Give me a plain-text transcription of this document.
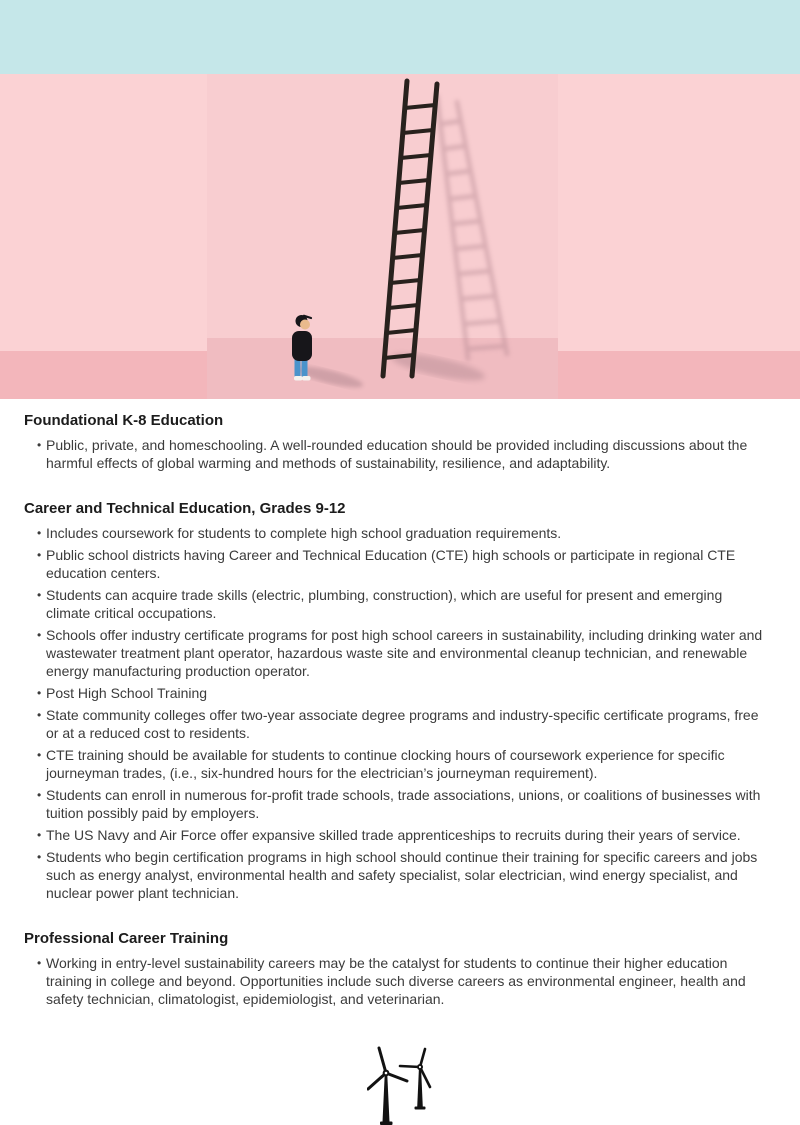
Foundational K-8 Education
• Public, private, and homeschooling. A well-rounded education should be provided including discussions about the harmful effects of global warming and methods of sustainability, resilience, and adaptability.
Career and Technical Education, Grades 9-12
• Includes coursework for students to complete high school graduation requirements.
• Public school districts having Career and Technical Education (CTE) high schools or participate in regional CTE education centers.
• Students can acquire trade skills (electric, plumbing, construction), which are useful for present and emerging climate critical occupations.
• Schools offer industry certificate programs for post high school careers in sustainability, including drinking water and wastewater treatment plant operator, hazardous waste site and environmental cleanup technician, and renewable energy manufacturing production operator.
• Post High School Training
• State community colleges offer two-year associate degree programs and industry-specific certificate programs, free or at a reduced cost to residents.
• CTE training should be available for students to continue clocking hours of coursework experience for specific journeyman trades, (i.e., six-hundred hours for the electrician’s journeyman requirement).
• Students can enroll in numerous for-profit trade schools, trade associations, unions, or coalitions of businesses with tuition possibly paid by employers.
• The US Navy and Air Force offer expansive skilled trade apprenticeships to recruits during their years of service.
• Students who begin certification programs in high school should continue their training for specific careers and jobs such as energy analyst, environmental health and safety specialist, solar electrician, wind energy specialist, and nuclear power plant technician.
Professional Career Training
• Working in entry-level sustainability careers may be the catalyst for students to continue their higher education training in college and beyond. Opportunities include such diverse careers as environmental engineer, health and safety technician, climatologist, epidemiologist, and veterinarian.
